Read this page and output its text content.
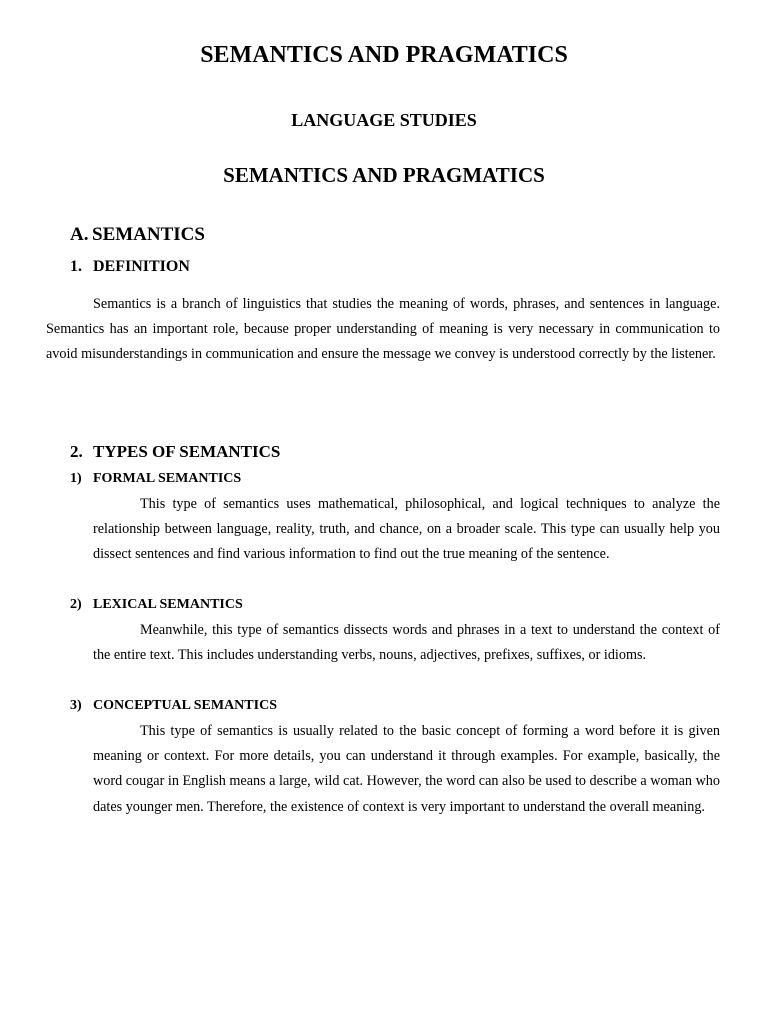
SEMANTICS AND PRAGMATICS
LANGUAGE STUDIES
SEMANTICS AND PRAGMATICS
A. SEMANTICS
1. DEFINITION

Semantics is a branch of linguistics that studies the meaning of words, phrases, and sentences in language. Semantics has an important role, because proper understanding of meaning is very necessary in communication to avoid misunderstandings in communication and ensure the message we convey is understood correctly by the listener.

2. TYPES OF SEMANTICS
1) FORMAL SEMANTICS

This type of semantics uses mathematical, philosophical, and logical techniques to analyze the relationship between language, reality, truth, and chance, on a broader scale. This type can usually help you dissect sentences and find various information to find out the true meaning of the sentence.

2) LEXICAL SEMANTICS

Meanwhile, this type of semantics dissects words and phrases in a text to understand the context of the entire text. This includes understanding verbs, nouns, adjectives, prefixes, suffixes, or idioms.

3) CONCEPTUAL SEMANTICS

This type of semantics is usually related to the basic concept of forming a word before it is given meaning or context. For more details, you can understand it through examples. For example, basically, the word cougar in English means a large, wild cat. However, the word can also be used to describe a woman who dates younger men. Therefore, the existence of context is very important to understand the overall meaning.
